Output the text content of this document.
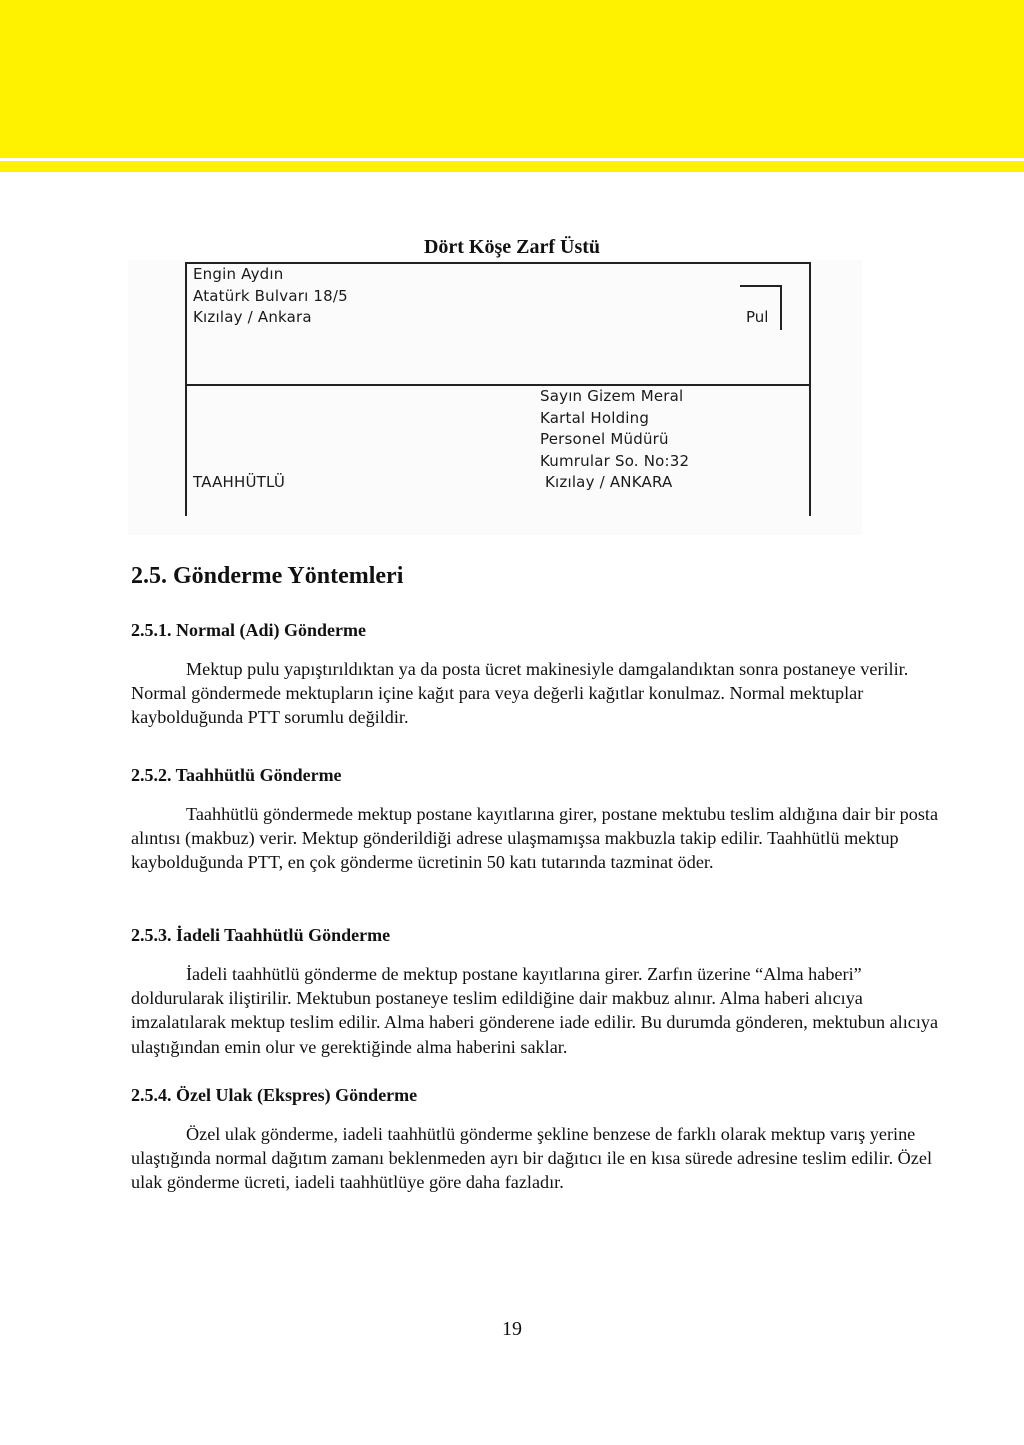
Dört Köşe Zarf Üstü
Engin Aydın
Atatürk Bulvarı 18/5
Kızılay / Ankara	Pul
Sayın Gizem Meral
Kartal Holding
Personel Müdürü
Kumrular So. No:32
Kızılay / ANKARA
TAAHHÜTLÜ
2.5. Gönderme Yöntemleri
2.5.1. Normal (Adi) Gönderme

Mektup pulu yapıştırıldıktan ya da posta ücret makinesiyle damgalandıktan sonra postaneye verilir. Normal göndermede mektupların içine kağıt para veya değerli kağıtlar konulmaz. Normal mektuplar kaybolduğunda PTT sorumlu değildir.

2.5.2. Taahhütlü Gönderme

Taahhütlü göndermede mektup postane kayıtlarına girer, postane mektubu teslim aldığına dair bir posta alıntısı (makbuz) verir. Mektup gönderildiği adrese ulaşmamışsa makbuzla takip edilir. Taahhütlü mektup kaybolduğunda PTT, en çok gönderme ücretinin 50 katı tutarında tazminat öder.

2.5.3. İadeli Taahhütlü Gönderme

İadeli taahhütlü gönderme de mektup postane kayıtlarına girer. Zarfın üzerine “Alma haberi” doldurularak iliştirilir. Mektubun postaneye teslim edildiğine dair makbuz alınır. Alma haberi alıcıya imzalatılarak mektup teslim edilir. Alma haberi gönderene iade edilir. Bu durumda gönderen, mektubun alıcıya ulaştığından emin olur ve gerektiğinde alma haberini saklar.

2.5.4. Özel Ulak (Ekspres) Gönderme

Özel ulak gönderme, iadeli taahhütlü gönderme şekline benzese de farklı olarak mektup varış yerine ulaştığında normal dağıtım zamanı beklenmeden ayrı bir dağıtıcı ile en kısa sürede adresine teslim edilir. Özel ulak gönderme ücreti, iadeli taahhütlüye göre daha fazladır.

19
